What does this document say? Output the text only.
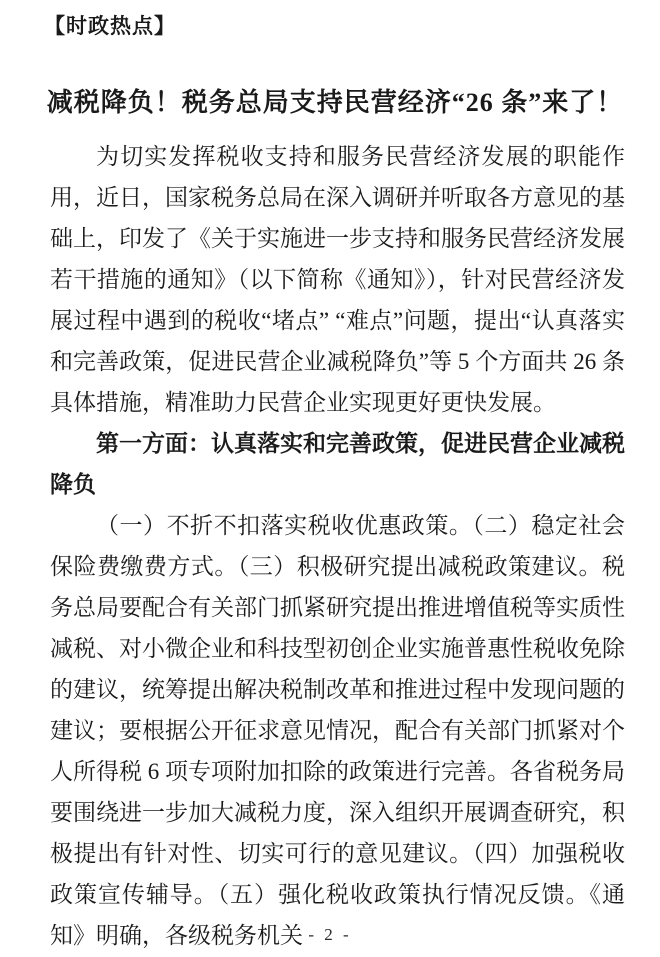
【时政热点】
减税降负！税务总局支持民营经济“26 条”来了！
为切实发挥税收支持和服务民营经济发展的职能作用，近日，国家税务总局在深入调研并听取各方意见的基础上，印发了《关于实施进一步支持和服务民营经济发展若干措施的通知》（以下简称《通知》），针对民营经济发展过程中遇到的税收“堵点” “难点”问题，提出“认真落实和完善政策，促进民营企业减税降负”等 5 个方面共 26 条具体措施，精准助力民营企业实现更好更快发展。
第一方面：认真落实和完善政策，促进民营企业减税降负
（一）不折不扣落实税收优惠政策。（二）稳定社会保险费缴费方式。（三）积极研究提出减税政策建议。税务总局要配合有关部门抓紧研究提出推进增值税等实质性减税、对小微企业和科技型初创企业实施普惠性税收免除的建议，统筹提出解决税制改革和推进过程中发现问题的建议；要根据公开征求意见情况，配合有关部门抓紧对个人所得税 6 项专项附加扣除的政策进行完善。各省税务局要围绕进一步加大减税力度，深入组织开展调查研究，积极提出有针对性、切实可行的意见建议。（四）加强税收政策宣传辅导。（五）强化税收政策执行情况反馈。《通知》明确，各级税务机关 - 2 -
